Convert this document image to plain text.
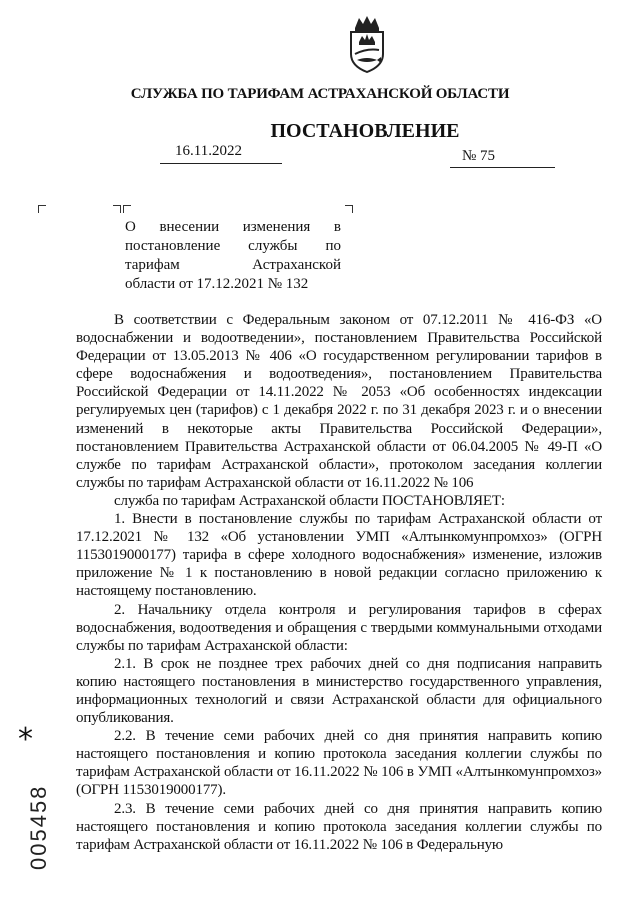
СЛУЖБА ПО ТАРИФАМ АСТРАХАНСКОЙ ОБЛАСТИ
ПОСТАНОВЛЕНИЕ
16.11.2022	№ 75

О внесении изменения в

постановление службы по

тарифам Астраханской

области от 17.12.2021 № 132

В соответствии с Федеральным законом от 07.12.2011 № 416-ФЗ «О водоснабжении и водоотведении», постановлением Правительства Российской Федерации от 13.05.2013 № 406 «О государственном регулировании тарифов в сфере водоснабжения и водоотведения», постановлением Правительства Российской Федерации от 14.11.2022 № 2053 «Об особенностях индексации регулируемых цен (тарифов) с 1 декабря 2022 г. по 31 декабря 2023 г. и о внесении изменений в некоторые акты Правительства Российской Федерации», постановлением Правительства Астраханской области от 06.04.2005 № 49-П «О службе по тарифам Астраханской области», протоколом заседания коллегии службы по тарифам Астраханской области от 16.11.2022 № 106

служба по тарифам Астраханской области ПОСТАНОВЛЯЕТ:

1. Внести в постановление службы по тарифам Астраханской области от 17.12.2021 № 132 «Об установлении УМП «Алтынкомунпромхоз» (ОГРН 1153019000177) тарифа в сфере холодного водоснабжения» изменение, изложив приложение № 1 к постановлению в новой редакции согласно приложению к настоящему постановлению.

2. Начальнику отдела контроля и регулирования тарифов в сферах водоснабжения, водоотведения и обращения с твердыми коммунальными отходами службы по тарифам Астраханской области:

2.1. В срок не позднее трех рабочих дней со дня подписания направить копию настоящего постановления в министерство государственного управления, информационных технологий и связи Астраханской области для официального опубликования.

2.2. В течение семи рабочих дней со дня принятия направить копию настоящего постановления и копию протокола заседания коллегии службы по тарифам Астраханской области от 16.11.2022 № 106 в УМП «Алтынкомунпромхоз» (ОГРН 1153019000177).

2.3. В течение семи рабочих дней со дня принятия направить копию настоящего постановления и копию протокола заседания коллегии службы по тарифам Астраханской области от 16.11.2022 № 106 в Федеральную

*
005458
